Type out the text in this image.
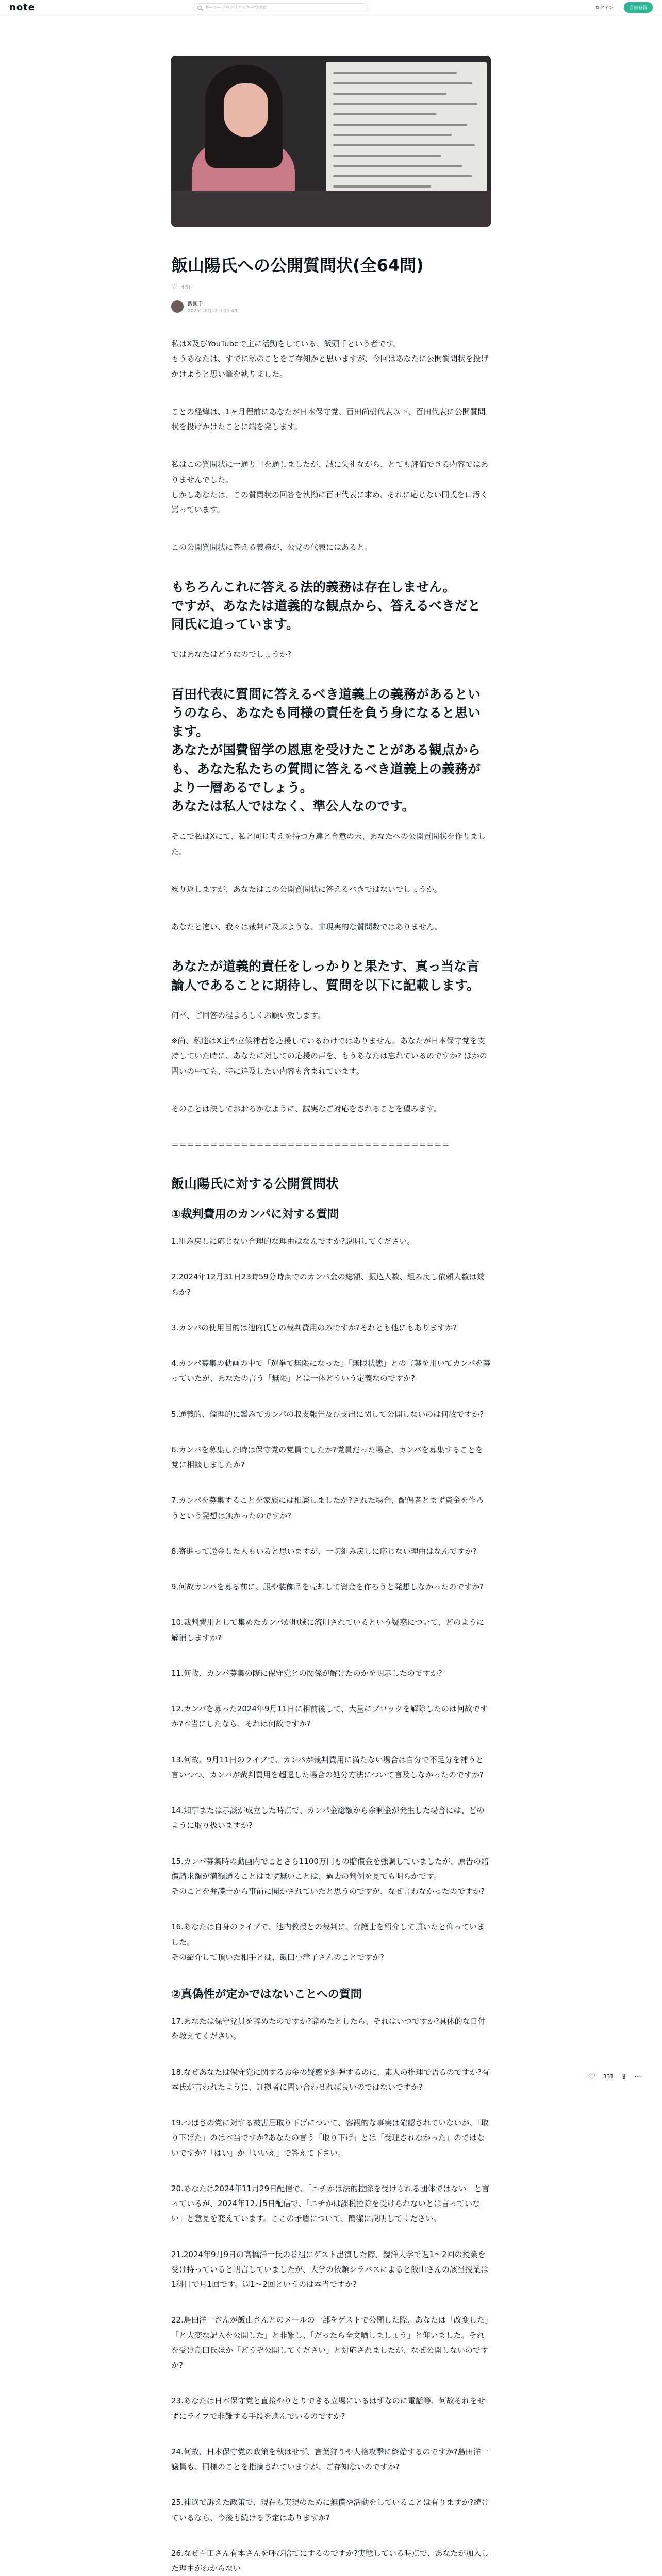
note	キーワードやクリエイターで検索	ログイン	会員登録
飯山陽氏への公開質問状(全64問)
♡ 331
飯頭千
2025年2月12日 15:40

私はX及びYouTubeで主に活動をしている、飯頭千という者です。
もうあなたは、すでに私のことをご存知かと思いますが、今回はあなたに公開質問状を投げかけようと思い筆を執りました。

ことの経緯は、1ヶ月程前にあなたが日本保守党、百田尚樹代表以下、百田代表に公開質問状を投げかけたことに端を発します。

私はこの質問状に一通り目を通しましたが、誠に失礼ながら、とても評価できる内容ではありませんでした。
しかしあなたは、この質問状の回答を執拗に百田代表に求め、それに応じない同氏を口汚く罵っています。

この公開質問状に答える義務が、公党の代表にはあると。

もちろんこれに答える法的義務は存在しません。
ですが、あなたは道義的な観点から、答えるべきだと同氏に迫っています。

ではあなたはどうなのでしょうか?

百田代表に質問に答えるべき道義上の義務があるというのなら、あなたも同様の責任を負う身になると思います。
あなたが国費留学の恩恵を受けたことがある観点からも、あなた私たちの質問に答えるべき道義上の義務がより一層あるでしょう。
あなたは私人ではなく、準公人なのです。

そこで私はXにて、私と同じ考えを持つ方達と合意の末、あなたへの公開質問状を作りました。

繰り返しますが、あなたはこの公開質問状に答えるべきではないでしょうか。

あなたと違い、我々は裁判に及ぶような、非現実的な質問数ではありません。

あなたが道義的責任をしっかりと果たす、真っ当な言論人であることに期待し、質問を以下に記載します。

何卒、ご回答の程よろしくお願い致します。

※尚、私達はX主や立候補者を応援しているわけではありません。あなたが日本保守党を支持していた時に、あなたに対しての応援の声を、もうあなたは忘れているのですか? ほかの問いの中でも、特に追及したい内容も含まれています。

そのことは決しておおろかなように、誠実なご対応をされることを望みます。

＝＝＝＝＝＝＝＝＝＝＝＝＝＝＝＝＝＝＝＝＝＝＝＝＝＝＝＝＝＝＝＝＝＝＝＝
飯山陽氏に対する公開質問状
①裁判費用のカンパに対する質問
1.組み戻しに応じない合理的な理由はなんですか?説明してください。
2.2024年12月31日23時59分時点でのカンパ金の総額、振込人数、組み戻し依頼人数は幾らか?
3.カンパの使用目的は池内氏との裁判費用のみですか?それとも他にもありますか?
4.カンパ募集の動画の中で「選挙で無限になった」「無限状態」との言葉を用いてカンパを募っていたが、あなたの言う「無限」とは一体どういう定義なのですか?
5.通義的、倫理的に鑑みてカンパの収支報告及び支出に関して公開しないのは何故ですか?
6.カンパを募集した時は保守党の党員でしたか?党員だった場合、カンパを募集することを党に相談しましたか?
7.カンパを募集することを家族には相談しましたか?された場合、配偶者とまず資金を作ろうという発想は無かったのですか?
8.寄進って送金した人もいると思いますが、一切組み戻しに応じない理由はなんですか?
9.何故カンパを募る前に、服や装飾品を売却して資金を作ろうと発想しなかったのですか?
10.裁判費用として集めたカンパが地域に流用されているという疑惑について、どのように解消しますか?
11.何故、カンパ募集の際に保守党との関係が解けたのかを明示したのですか?
12.カンパを募った2024年9月11日に相前後して、大量にブロックを解除したのは何故ですか?本当にしたなら、それは何故ですか?
13.何故、9月11日のライブで、カンパが裁判費用に満たない場合は自分で不足分を補うと言いつつ、カンパが裁判費用を超過した場合の処分方法について言及しなかったのですか?
14.知事または示談が成立した時点で、カンパ金総額から余剰金が発生した場合には、どのように取り扱いますか?
15.カンパ募集時の動画内でことさら1100万円もの賠償金を強調していましたが、原告の賠償請求額が満額通ることはまず無いことは、過去の判例を見ても明らかです。
そのことを弁護士から事前に聞かされていたと思うのですが、なぜ言わなかったのですか?
16.あなたは自身のライブで、池内教授との裁判に、弁護士を紹介して頂いたと仰っていました。
その紹介して頂いた相手とは、飯田小津子さんのことですか?
②真偽性が定かではないことへの質問
17.あなたは保守党員を辞めたのですか?辞めたとしたら、それはいつですか?具体的な日付を教えてください。
18.なぜあなたは保守党に関するお金の疑惑を糾弾するのに、素人の推理で語るのですか?有本氏が言われたように、証拠者に問い合わせれば良いのではないですか?
19.つばさの党に対する被害届取り下げについて、客観的な事実は確認されていないが、「取り下げた」のは本当ですか?あなたの言う「取り下げ」とは「受理されなかった」のではないですか?「はい」か「いいえ」で答えて下さい。
20.あなたは2024年11月29日配信で、「ニチかは法的控除を受けられる団体ではない」と言っているが、2024年12月5日配信で、「ニチかは課税控除を受けられないとは言っていない」と意見を変えています。ここの矛盾について、簡潔に説明してください。
21.2024年9月9日の高橋洋一氏の番組にゲスト出演した際、親洋大学で週1〜2回の授業を受け持っていると明言していましたが、大学の依頼シラバスによると飯山さんの該当授業は1科目で月1回です。週1〜2回というのは本当ですか?
22.島田洋一さんが飯山さんとのメールの一部をゲストで公開した際、あなたは「改変した」「と大変な記入を公開した」と非難し、「だったら全文晒しましょう」と仰いました。それを受け島田氏ほか「どうぞ公開してください」と対応されましたが、なぜ公開しないのですか?
23.あなたは日本保守党と直接やりとりできる立場にいるはずなのに電話等、何故それをせずにライブで非難する手段を選んでいるのですか?
24.何故、日本保守党の政策を秋はせず、言葉狩りや人格攻撃に終始するのですか?島田洋一議員も、同様のことを指摘されていますが、ご存知ないのですか?
25.補選で訴えた政策で、現在も実現のために無償や活動をしていることは有りますか?続けているなら、今後も続ける予定はありますか?
26.なぜ百田さん有本さんを呼び捨てにするのですか?実態している時点で、あなたが加入した理由がわからない
♡ 331 ⇪ ⋯
